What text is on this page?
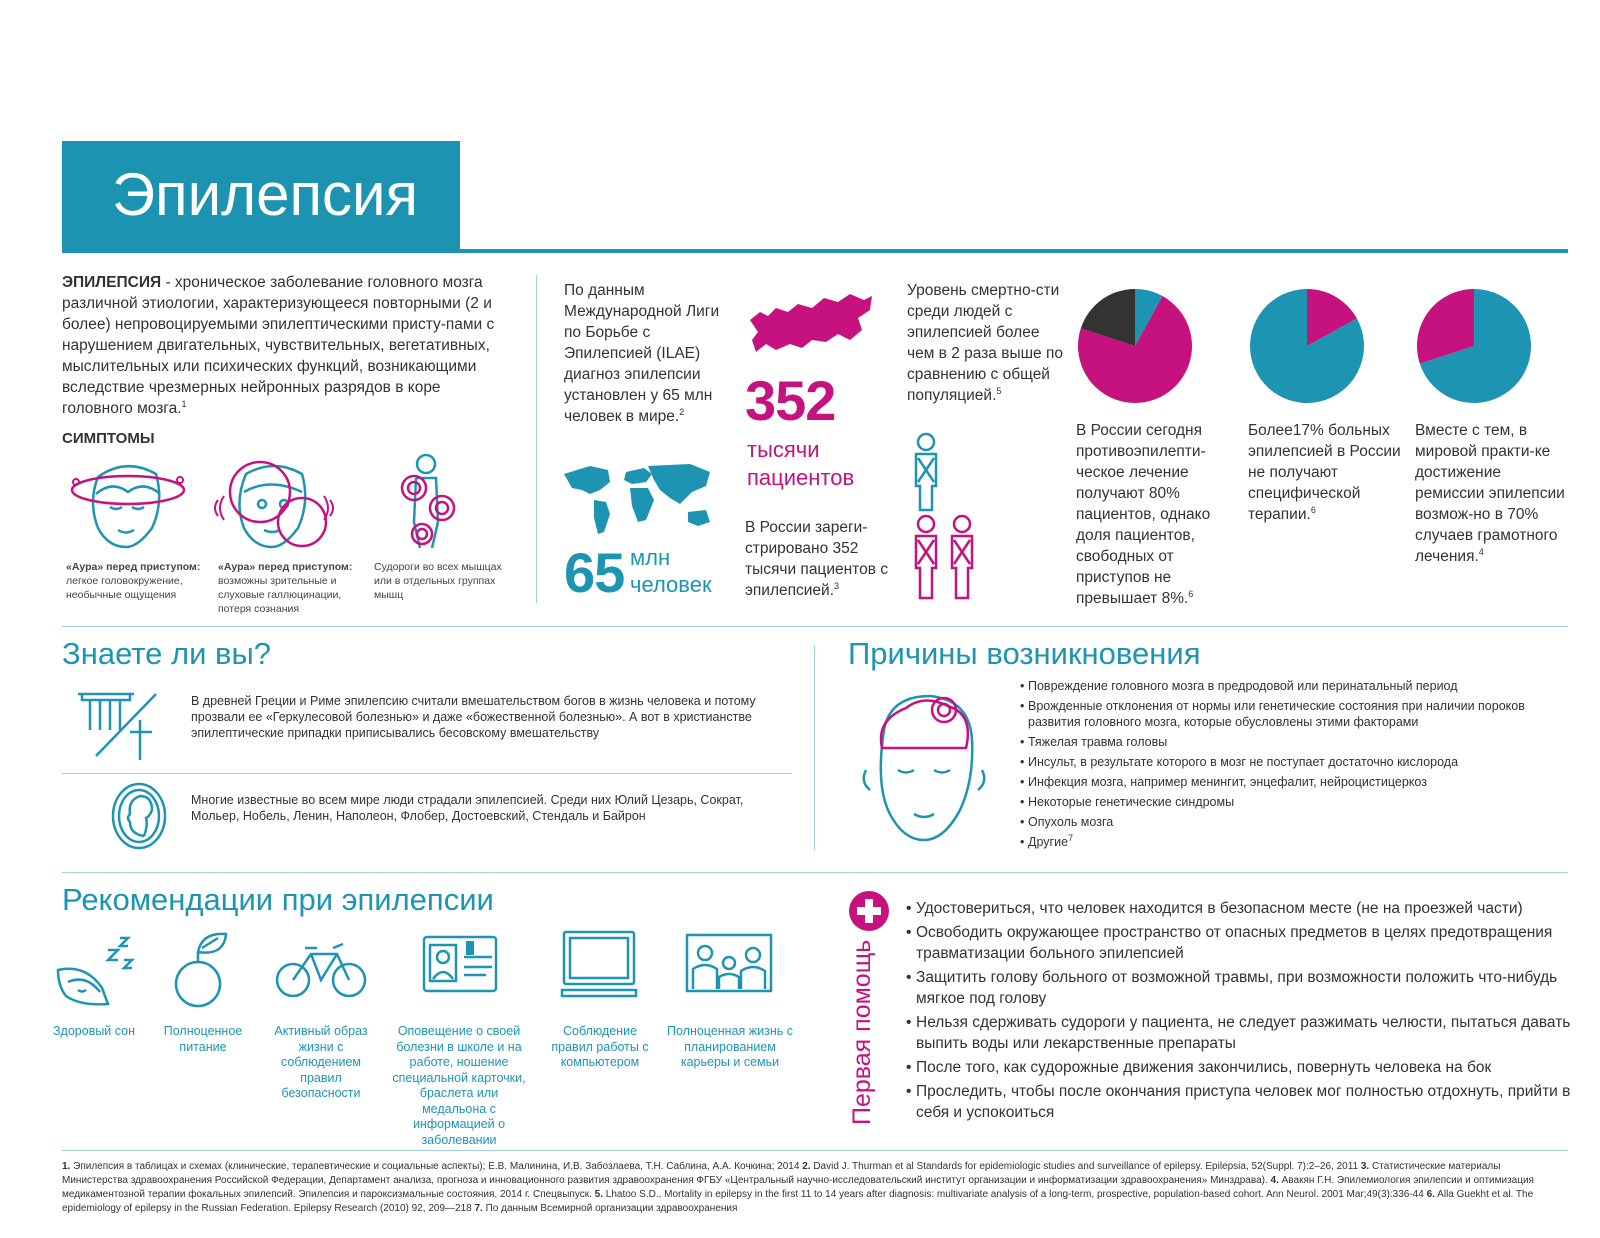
Эпилепсия
ЭПИЛЕПСИЯ - хроническое заболевание головного мозга различной этиологии, характеризующееся повторными (2 и более) непровоцируемыми эпилептическими присту-пами с нарушением двигательных, чувствительных, вегетативных, мыслительных или психических функций, возникающими вследствие чрезмерных нейронных разрядов в коре головного мозга.$^1$
СИМПТОМЫ
«Аура» перед приступом: легкое головокружение, необычные ощущения
«Аура» перед приступом: возможны зрительные и слуховые галлюцинации, потеря сознания
Судороги во всех мышцах или в отдельных группах мышц
По данным Международной Лиги по Борьбе с Эпилепсией (ILAE) диагноз эпилепсии установлен у 65 млн человек в мире.$^2$
65 млн
человек
352
тысячи
пациентов
В России зареги-стрировано 352 тысячи пациентов с эпилепсией.$^3$
Уровень смертно-сти среди людей с эпилепсией более чем в 2 раза выше по сравнению с общей популяцией.$^5$
В России сегодня противоэпилепти-ческое лечение получают 80% пациентов, однако доля пациентов, свободных от приступов не превышает 8%.$^6$
Более17% больных эпилепсией в России не получают специфической терапии.$^6$
Вместе с тем, в мировой практи-ке достижение ремиссии эпилепсии возмож-но в 70% случаев грамотного лечения.$^4$
Знаете ли вы?
В древней Греции и Риме эпилепсию считали вмешательством богов в жизнь человека и потому прозвали ее «Геркулесовой болезнью» и даже «божественной болезнью». А вот в христианстве эпилептические припадки приписывались бесовскому вмешательству
Многие известные во всем мире люди страдали эпилепсией. Среди них Юлий Цезарь, Сократ, Мольер, Нобель, Ленин, Наполеон, Флобер, Достоевский, Стендаль и Байрон
Причины возникновения
• Повреждение головного мозга в предродовой или перинатальный период
• Врожденные отклонения от нормы или генетические состояния при наличии пороков развития головного мозга, которые обусловлены этими факторами
• Тяжелая травма головы
• Инсульт, в результате которого в мозг не поступает достаточно кислорода
• Инфекция мозга, например менингит, энцефалит, нейроцистицеркоз
• Некоторые генетические синдромы
• Опухоль мозга
• Другие$^7$
Рекомендации при эпилепсии
Здоровый сон	Полноценное питание
Активный образ жизни с соблюдением правил безопасности
Оповещение о своей болезни в школе и на работе, ношение специальной карточки, браслета или медальона с информацией о заболевании
Соблюдение правил работы с компьютером
Полноценная жизнь с планированием карьеры и семьи	Первая помощь
• Удостовериться, что человек находится в безопасном месте (не на проезжей части)
• Освободить окружающее пространство от опасных предметов в целях предотвращения травматизации больного эпилепсией
• Защитить голову больного от возможной травмы, при возможности положить что-нибудь мягкое под голову
• Нельзя сдерживать судороги у пациента, не следует разжимать челюсти, пытаться давать выпить воды или лекарственные препараты
• После того, как судорожные движения закончились, повернуть человека на бок
• Проследить, чтобы после окончания приступа человек мог полностью отдохнуть, прийти в себя и успокоиться
1. Эпилепсия в таблицах и схемах (клинические, терапевтические и социальные аспекты); Е.В. Малинина, И.В. Забозлаева, Т.Н. Саблина, А.А. Кочкина; 2014 2. David J. Thurman et al Standards for epidemiologic studies and surveillance of epilepsy. Epilepsia, 52(Suppl. 7):2–26, 2011 3. Статистические материалы Министерства здравоохранения Российской Федерации, Департамент анализа, прогноза и инновационного развития здравоохранения ФГБУ «Центральный научно-исследовательский институт организации и информатизации здравоохранения» Минздрава). 4. Авакян Г.Н. Эпилемиология эпилепсии и оптимизация медикаментозной терапии фокальных эпилепсий. Эпилепсия и пароксизмальные состояния. 2014 г. Спецвыпуск. 5. Lhatoo S.D., Mortality in epilepsy in the first 11 to 14 years after diagnosis: multivariate analysis of a long-term, prospective, population-based cohort. Ann Neurol. 2001 Mar;49(3):336-44 6. Alla Guekht et al. The epidemiology of epilepsy in the Russian Federation. Epilepsy Research (2010) 92, 209—218 7. По данным Всемирной организации здравоохранения
